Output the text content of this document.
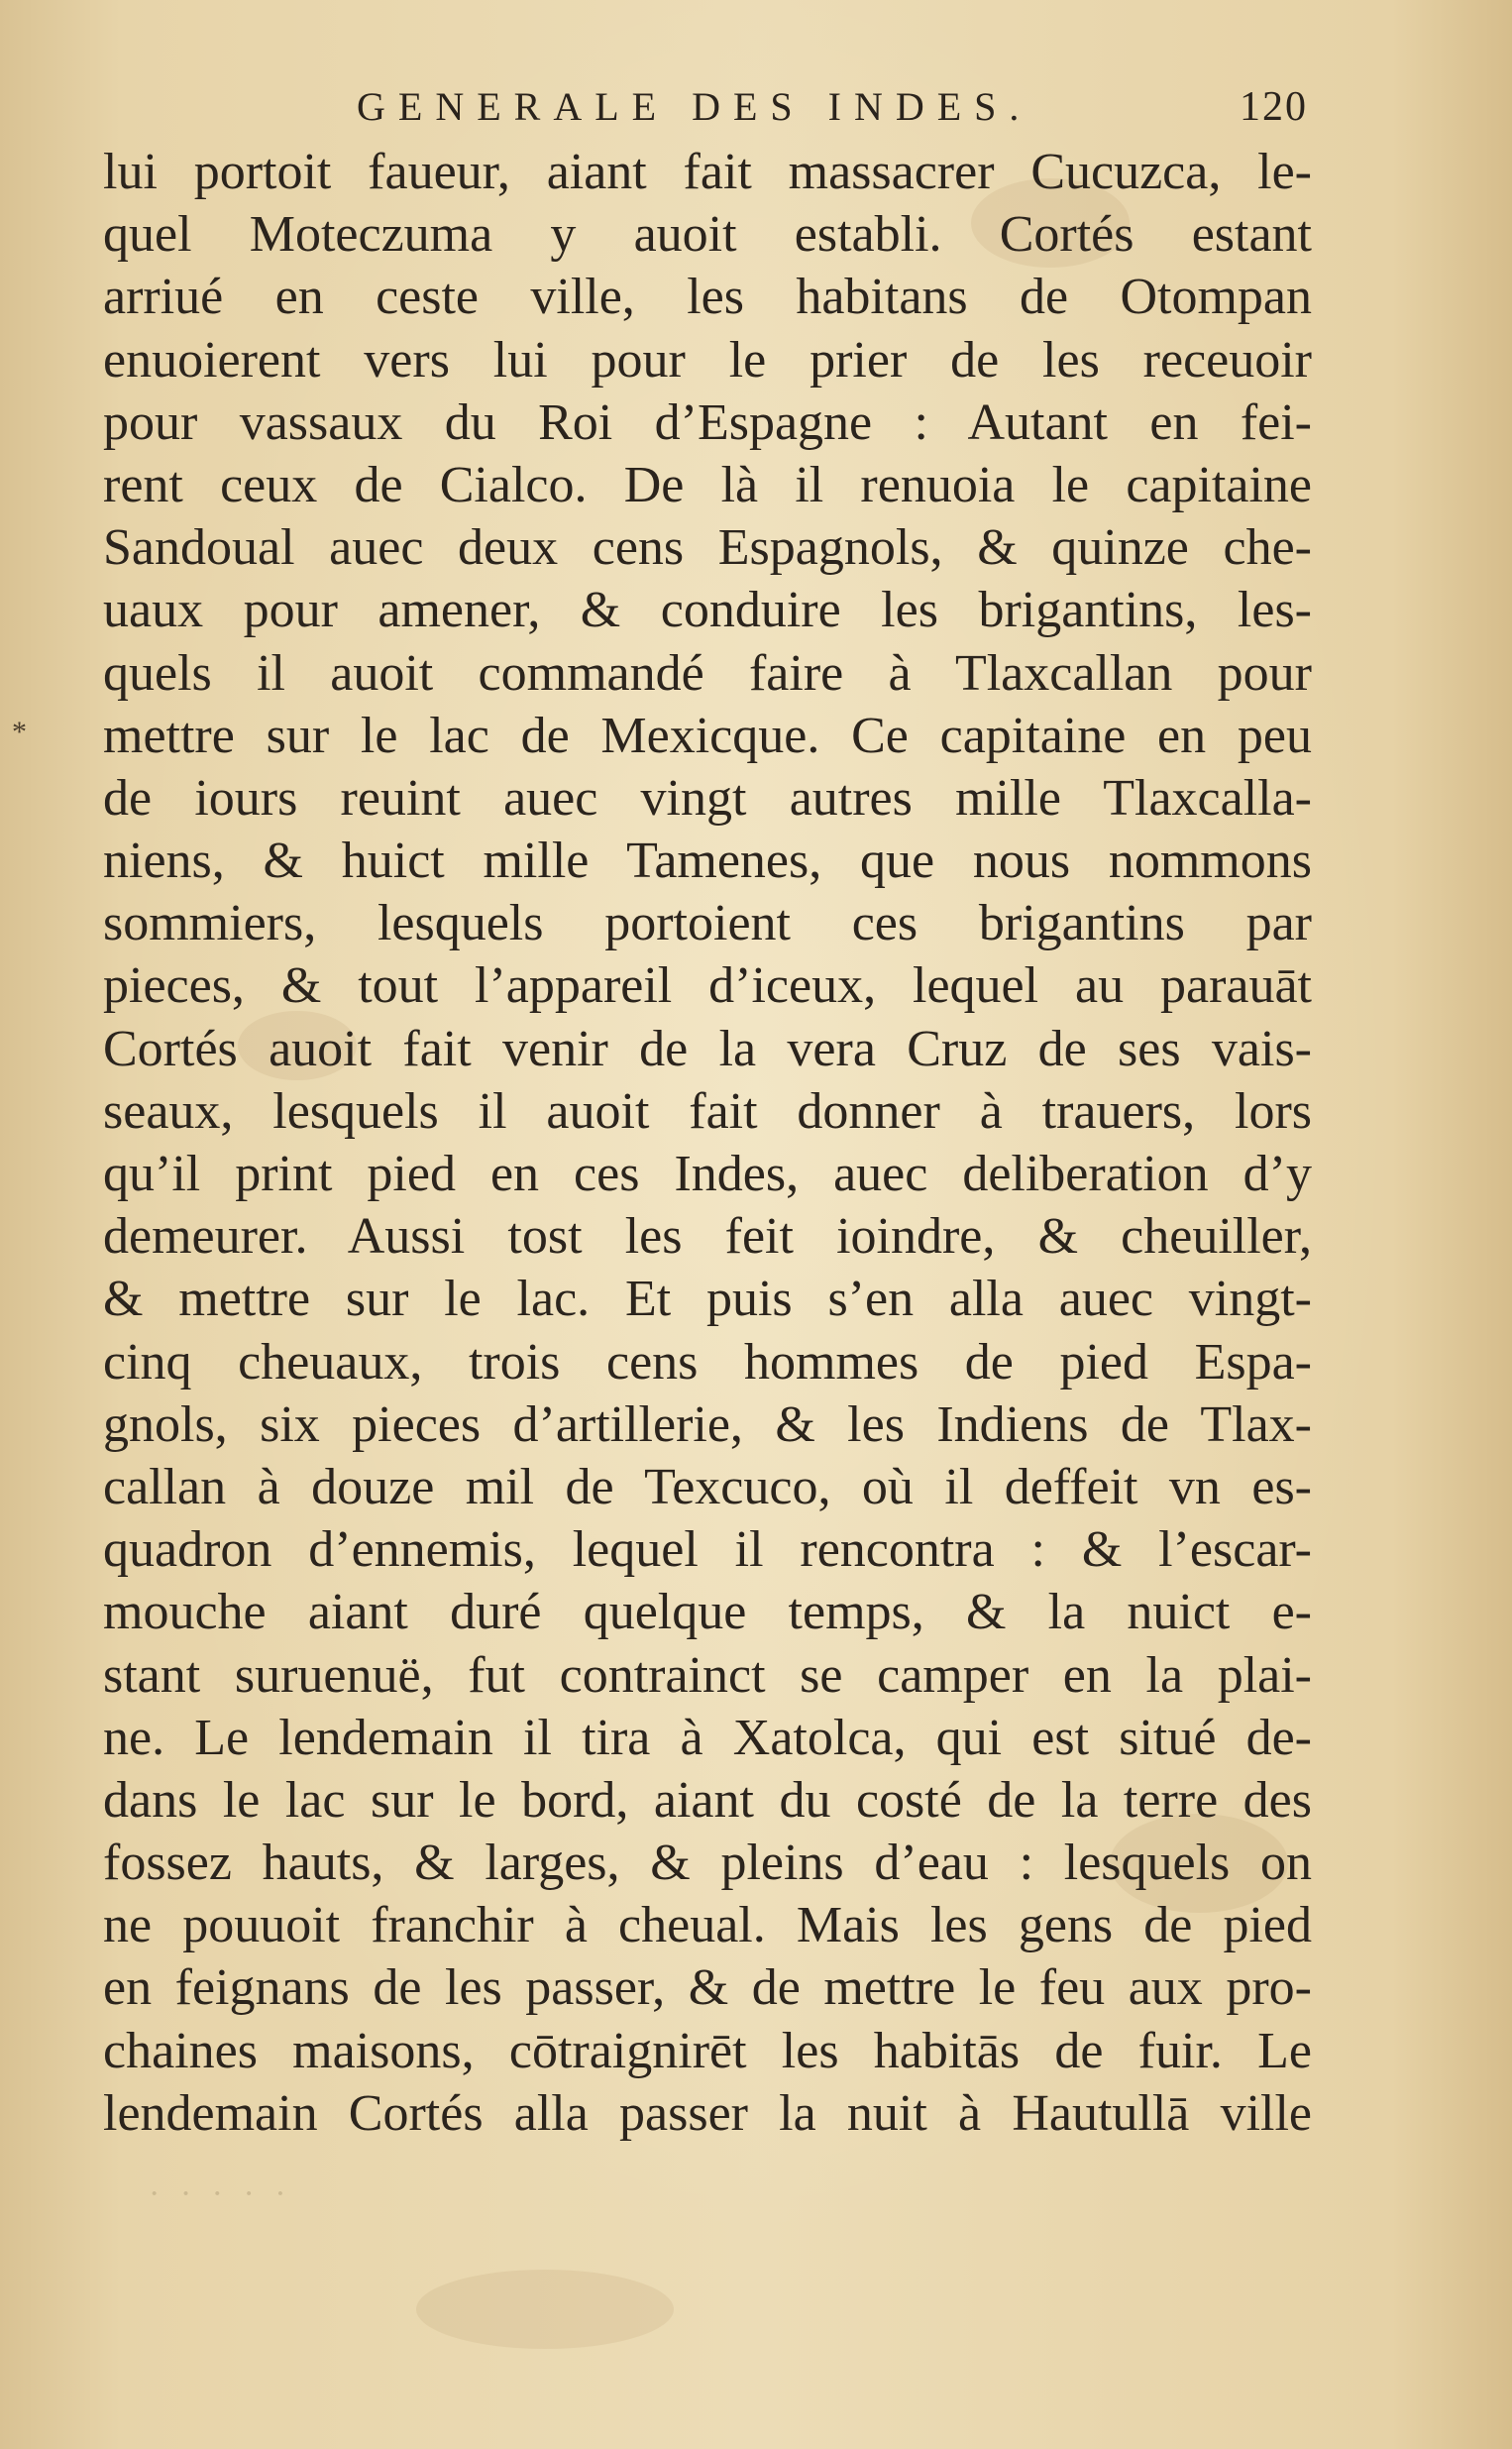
GENERALE DES INDES.	120
*
lui portoit faueur, aiant fait massacrer Cucuzca, le-
quel Moteczuma y auoit establi. Cortés estant
arriué en ceste ville, les habitans de Otompan
enuoierent vers lui pour le prier de les receuoir
pour vassaux du Roi d’Espagne : Autant en fei-
rent ceux de Cialco. De là il renuoia le capitaine
Sandoual auec deux cens Espagnols, & quinze che-
uaux pour amener, & conduire les brigantins, les-
quels il auoit commandé faire à Tlaxcallan pour
mettre sur le lac de Mexicque. Ce capitaine en peu
de iours reuint auec vingt autres mille Tlaxcalla-
niens, & huict mille Tamenes, que nous nommons
sommiers, lesquels portoient ces brigantins par
pieces, & tout l’appareil d’iceux, lequel au parauāt
Cortés auoit fait venir de la vera Cruz de ses vais-
seaux, lesquels il auoit fait donner à trauers, lors
qu’il print pied en ces Indes, auec deliberation d’y
demeurer. Aussi tost les feit ioindre, & cheuiller,
& mettre sur le lac. Et puis s’en alla auec vingt-
cinq cheuaux, trois cens hommes de pied Espa-
gnols, six pieces d’artillerie, & les Indiens de Tlax-
callan à douze mil de Texcuco, où il deffeit vn es-
quadron d’ennemis, lequel il rencontra : & l’escar-
mouche aiant duré quelque temps, & la nuict e-
stant suruenuë, fut contrainct se camper en la plai-
ne. Le lendemain il tira à Xatolca, qui est situé de-
dans le lac sur le bord, aiant du costé de la terre des
fossez hauts, & larges, & pleins d’eau : lesquels on
ne pouuoit franchir à cheual. Mais les gens de pied
en feignans de les passer, & de mettre le feu aux pro-
chaines maisons, cōtraignirēt les habitās de fuir. Le
lendemain Cortés alla passer la nuit à Hautullā ville
· · · · ·
